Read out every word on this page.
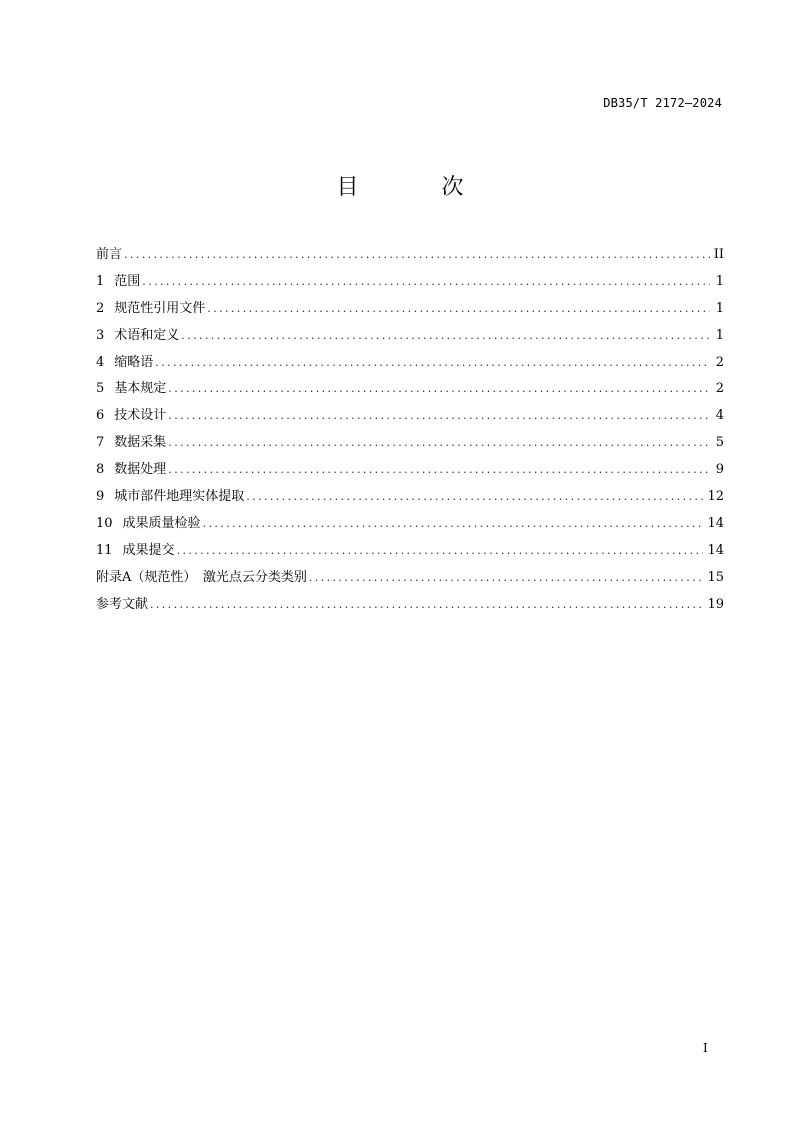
DB35/T 2172—2024
目 次
前言 .....	II
1 范围 .....	1
2 规范性引用文件 .....	1
3 术语和定义 .....	1
4 缩略语 .....	2
5 基本规定 .....	2
6 技术设计 .....	4
7 数据采集 .....	5
8 数据处理 .....	9
9 城市部件地理实体提取 .....	12
10 成果质量检验 .....	14
11 成果提交 .....	14
附录A（规范性）　激光点云分类类别 .....	15
参考文献 .....	19
I
